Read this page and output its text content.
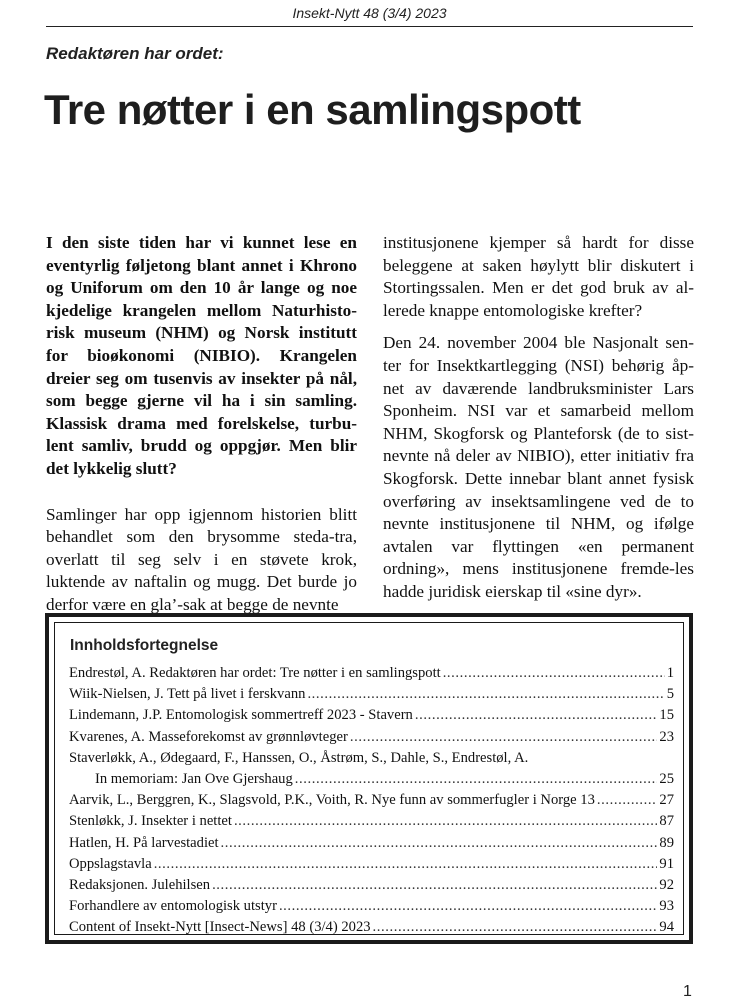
Insekt-Nytt 48 (3/4) 2023
Redaktøren har ordet:
Tre nøtter i en samlingspott

I den siste tiden har vi kunnet lese en eventyrlig føljetong blant annet i Khrono og Uniforum om den 10 år lange og noe kjedelige krangelen mellom Naturhisto-risk museum (NHM) og Norsk institutt for bioøkonomi (NIBIO). Krangelen dreier seg om tusenvis av insekter på nål, som begge gjerne vil ha i sin samling. Klassisk drama med forelskelse, turbu-lent samliv, brudd og oppgjør. Men blir det lykkelig slutt?

Samlinger har opp igjennom historien blitt behandlet som den brysomme steda-tra, overlatt til seg selv i en støvete krok, luktende av naftalin og mugg. Det burde jo derfor være en gla’-sak at begge de nevnte

institusjonene kjemper så hardt for disse beleggene at saken høylytt blir diskutert i Stortingssalen. Men er det god bruk av al-lerede knappe entomologiske krefter?

Den 24. november 2004 ble Nasjonalt sen-ter for Insektkartlegging (NSI) behørig åp-net av daværende landbruksminister Lars Sponheim. NSI var et samarbeid mellom NHM, Skogforsk og Planteforsk (de to sist-nevnte nå deler av NIBIO), etter initiativ fra Skogforsk. Dette innebar blant annet fysisk overføring av insektsamlingene ved de to nevnte institusjonene til NHM, og ifølge avtalen var flyttingen «en permanent ordning», mens institusjonene fremde-les hadde juridisk eierskap til «sine dyr».

Innholdsfortegnelse
Endrestøl, A. Redaktøren har ordet: Tre nøtter i en samlingspott .....	1
Wiik-Nielsen, J. Tett på livet i ferskvann .....	5
Lindemann, J.P. Entomologisk sommertreff 2023 - Stavern .....	15
Kvarenes, A. Masseforekomst av grønnløvteger .....	23
Staverløkk, A., Ødegaard, F., Hanssen, O., Åstrøm, S., Dahle, S., Endrestøl, A.
In memoriam: Jan Ove Gjershaug .....	25
Aarvik, L., Berggren, K., Slagsvold, P.K., Voith, R. Nye funn av sommerfugler i Norge 13 .....	27
Stenløkk, J. Insekter i nettet .....	87
Hatlen, H. På larvestadiet .....	89
Oppslagstavla .....	91
Redaksjonen. Julehilsen .....	92
Forhandlere av entomologisk utstyr .....	93
Content of Insekt-Nytt [Insect-News] 48 (3/4) 2023 .....	94
1
